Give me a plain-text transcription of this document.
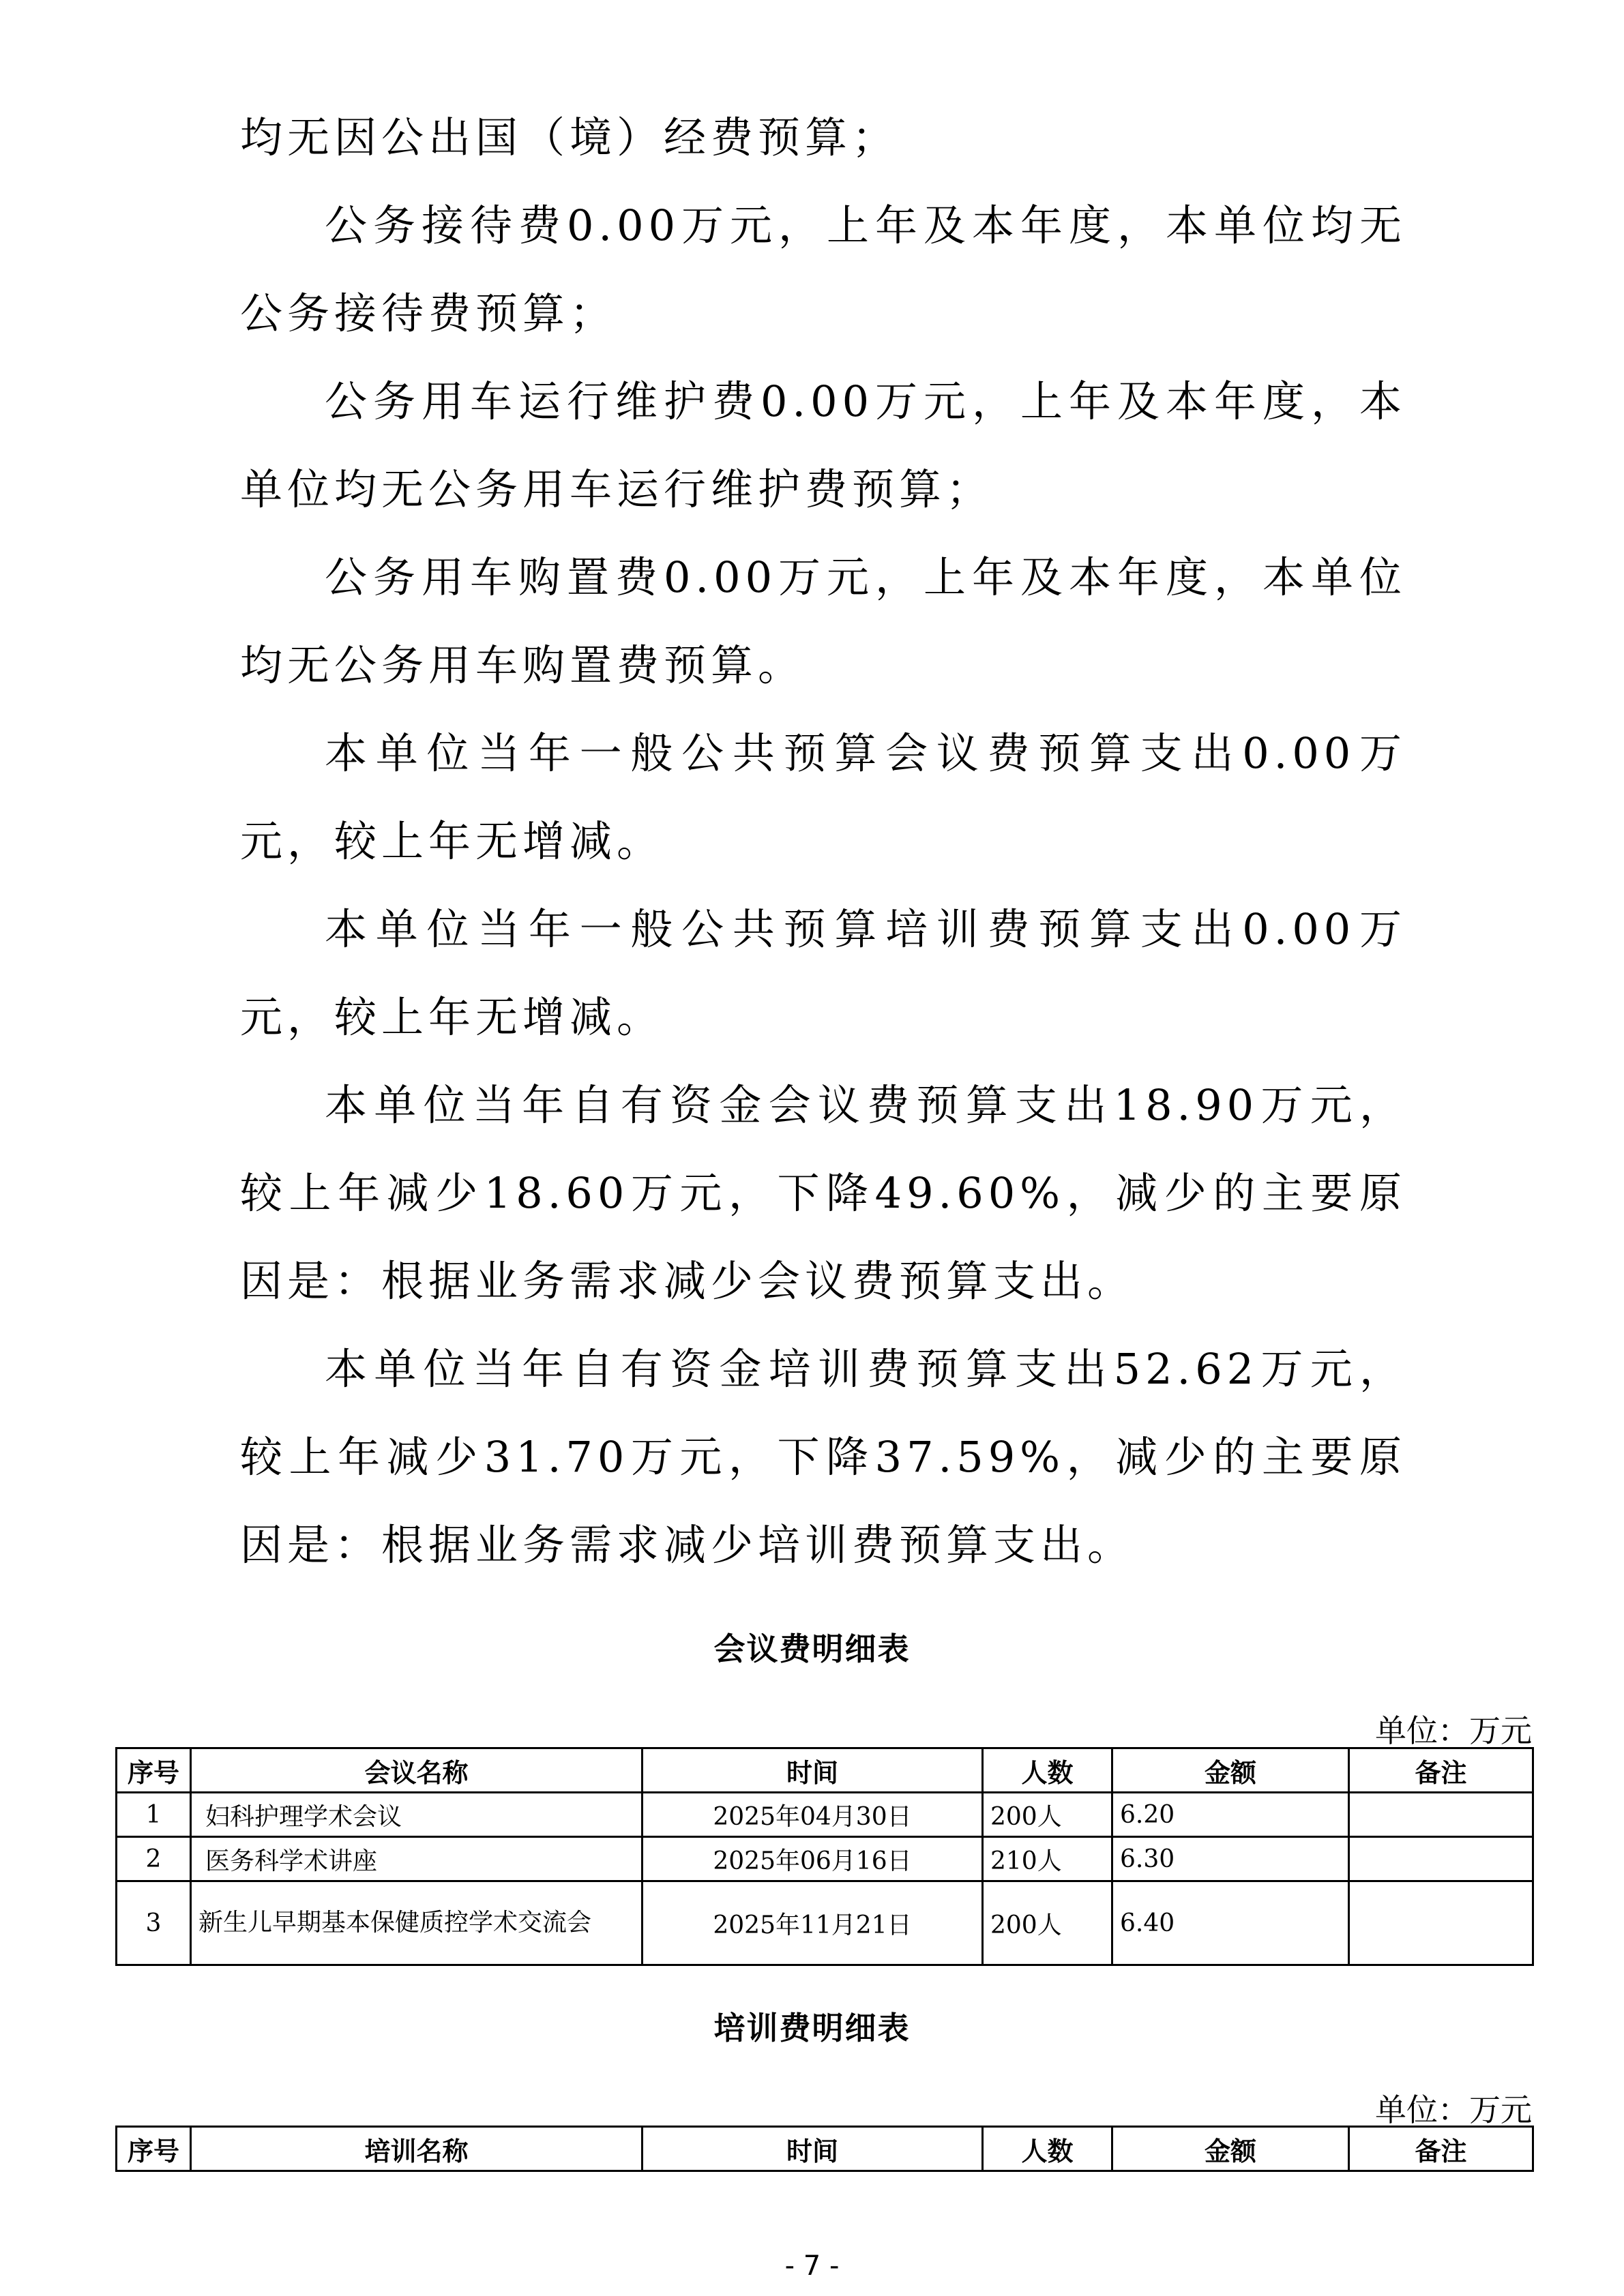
均无因公出国（境）经费预算；

公务接待费0.00万元，上年及本年度，本单位均无公务接待费预算；

公务用车运行维护费0.00万元，上年及本年度，本单位均无公务用车运行维护费预算；

公务用车购置费0.00万元，上年及本年度，本单位均无公务用车购置费预算。

本单位当年一般公共预算会议费预算支出0.00万元，较上年无增减。

本单位当年一般公共预算培训费预算支出0.00万元，较上年无增减。

本单位当年自有资金会议费预算支出18.90万元，较上年减少18.60万元，下降49.60%，减少的主要原因是：根据业务需求减少会议费预算支出。

本单位当年自有资金培训费预算支出52.62万元，较上年减少31.70万元，下降37.59%，减少的主要原因是：根据业务需求减少培训费预算支出。

会议费明细表
单位：万元
序号	会议名称	时间	人数	金额	备注
1	妇科护理学术会议	2025年04月30日	200人	6.20	
2	医务科学术讲座	2025年06月16日	210人	6.30	
3	新生儿早期基本保健质控学术交流会	2025年11月21日	200人	6.40	
培训费明细表
单位：万元
序号	培训名称	时间	人数	金额	备注
- 7 -
